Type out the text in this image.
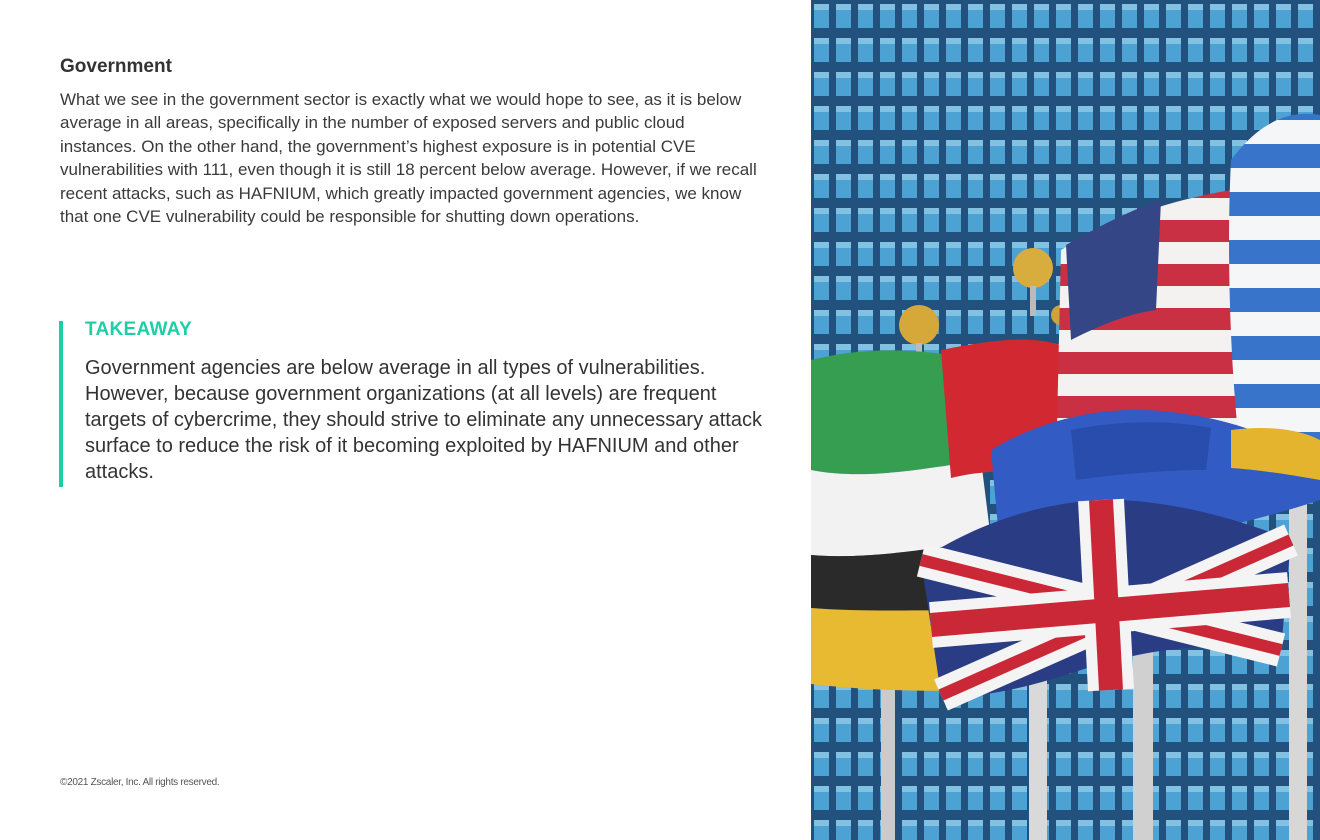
Government

What we see in the government sector is exactly what we would hope to see, as it is below average in all areas, specifically in the number of exposed servers and public cloud instances. On the other hand, the government’s highest exposure is in potential CVE vulnerabilities with 111, even though it is still 18 percent below average. However, if we recall recent attacks, such as HAFNIUM, which greatly impacted government agencies, we know that one CVE vulnerability could be responsible for shutting down operations.

TAKEAWAY

Government agencies are below average in all types of vulnerabilities. However, because government organizations (at all levels) are frequent targets of cybercrime, they should strive to eliminate any unnecessary attack surface to reduce the risk of it becoming exploited by HAFNIUM and other attacks.

©2021 Zscaler, Inc. All rights reserved.
